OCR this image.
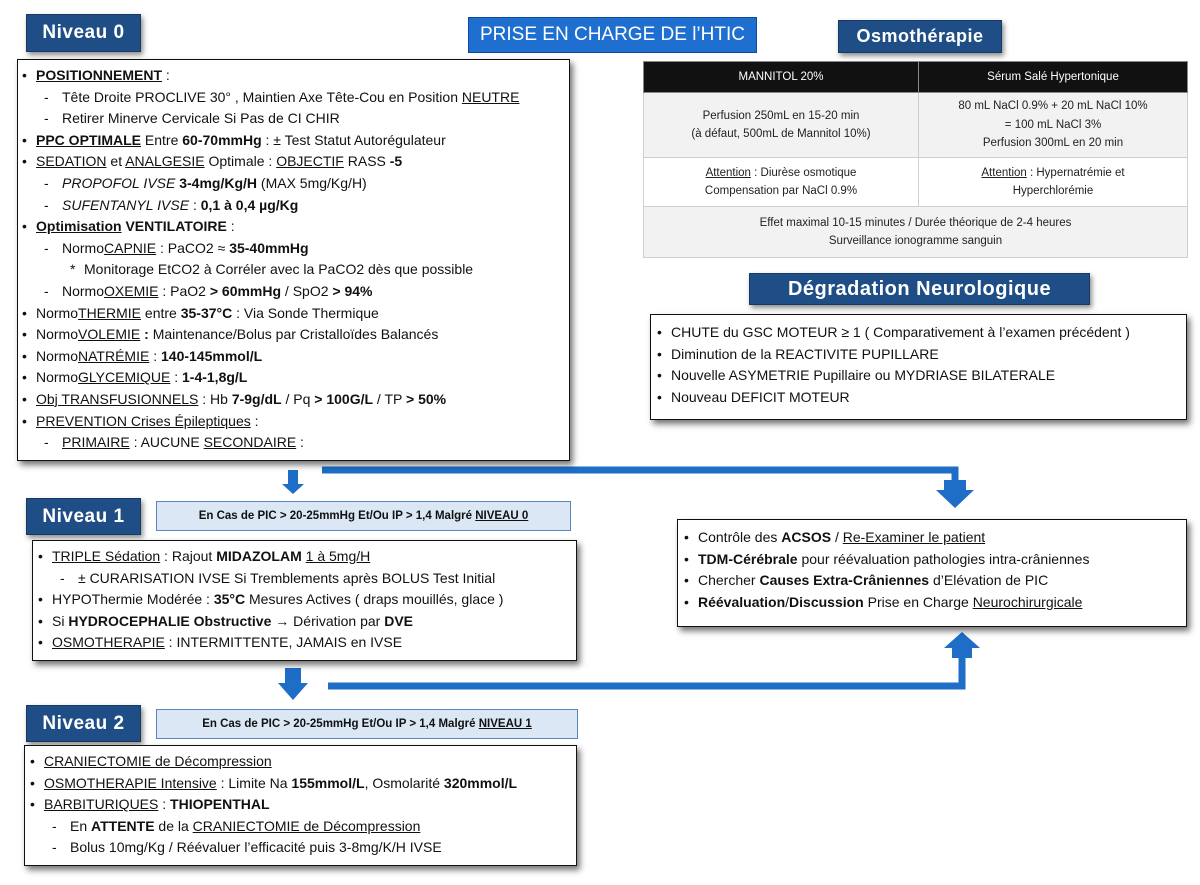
Niveau 0	PRISE EN CHARGE DE l’HTIC	Osmothérapie
• POSITIONNEMENT :
- Tête Droite PROCLIVE 30° , Maintien Axe Tête-Cou en Position NEUTRE
- Retirer Minerve Cervicale Si Pas de CI CHIR
• PPC OPTIMALE Entre 60-70mmHg : ± Test Statut Autorégulateur
• SEDATION et ANALGESIE Optimale : OBJECTIF RASS -5
- PROPOFOL IVSE 3-4mg/Kg/H (MAX 5mg/Kg/H)
- SUFENTANYL IVSE : 0,1 à 0,4 µg/Kg
• Optimisation VENTILATOIRE :
- NormoCAPNIE : PaCO2 ≈ 35-40mmHg
* Monitorage EtCO2 à Corréler avec la PaCO2 dès que possible
- NormoOXEMIE : PaO2 > 60mmHg / SpO2 > 94%
• NormoTHERMIE entre 35-37°C : Via Sonde Thermique
• NormoVOLEMIE : Maintenance/Bolus par Cristalloïdes Balancés
• NormoNATRÉMIE : 140-145mmol/L
• NormoGLYCEMIQUE : 1-4-1,8g/L
• Obj TRANSFUSIONNELS : Hb 7-9g/dL / Pq > 100G/L / TP > 50%
• PREVENTION Crises Épileptiques :
- PRIMAIRE : AUCUNE SECONDAIRE :
MANNITOL 20%	Sérum Salé Hypertonique
Perfusion 250mL en 15-20 min
(à défaut, 500mL de Mannitol 10%)	80 mL NaCl 0.9% + 20 mL NaCl 10%
= 100 mL NaCl 3%
Perfusion 300mL en 20 min
Attention : Diurèse osmotique
Compensation par NaCl 0.9%	Attention : Hypernatrémie et
Hyperchlorémie
Effet maximal 10-15 minutes / Durée théorique de 2-4 heures
Surveillance ionogramme sanguin	
Dégradation Neurologique
• CHUTE du GSC MOTEUR ≥ 1 ( Comparativement à l’examen précédent )
• Diminution de la REACTIVITE PUPILLARE
• Nouvelle ASYMETRIE Pupillaire ou MYDRIASE BILATERALE
• Nouveau DEFICIT MOTEUR
Niveau 1	En Cas de PIC > 20-25mmHg Et/Ou IP > 1,4 Malgré
NIVEAU 0
• TRIPLE Sédation : Rajout MIDAZOLAM 1 à 5mg/H
- ± CURARISATION IVSE Si Tremblements après BOLUS Test Initial
• HYPOThermie Modérée : 35°C Mesures Actives ( draps mouillés, glace )
• Si HYDROCEPHALIE Obstructive → Dérivation par DVE
• OSMOTHERAPIE : INTERMITTENTE, JAMAIS en IVSE
• Contrôle des ACSOS / Re-Examiner le patient
• TDM-Cérébrale pour réévaluation pathologies intra-crâniennes
• Chercher Causes Extra-Crâniennes d’Elévation de PIC
• Réévaluation/Discussion Prise en Charge Neurochirurgicale
Niveau 2	En Cas de PIC > 20-25mmHg Et/Ou IP > 1,4 Malgré
NIVEAU 1
• CRANIECTOMIE de Décompression
• OSMOTHERAPIE Intensive : Limite Na 155mmol/L, Osmolarité 320mmol/L
• BARBITURIQUES : THIOPENTHAL
- En ATTENTE de la CRANIECTOMIE de Décompression
- Bolus 10mg/Kg / Réévaluer l’efficacité puis 3-8mg/K/H IVSE
